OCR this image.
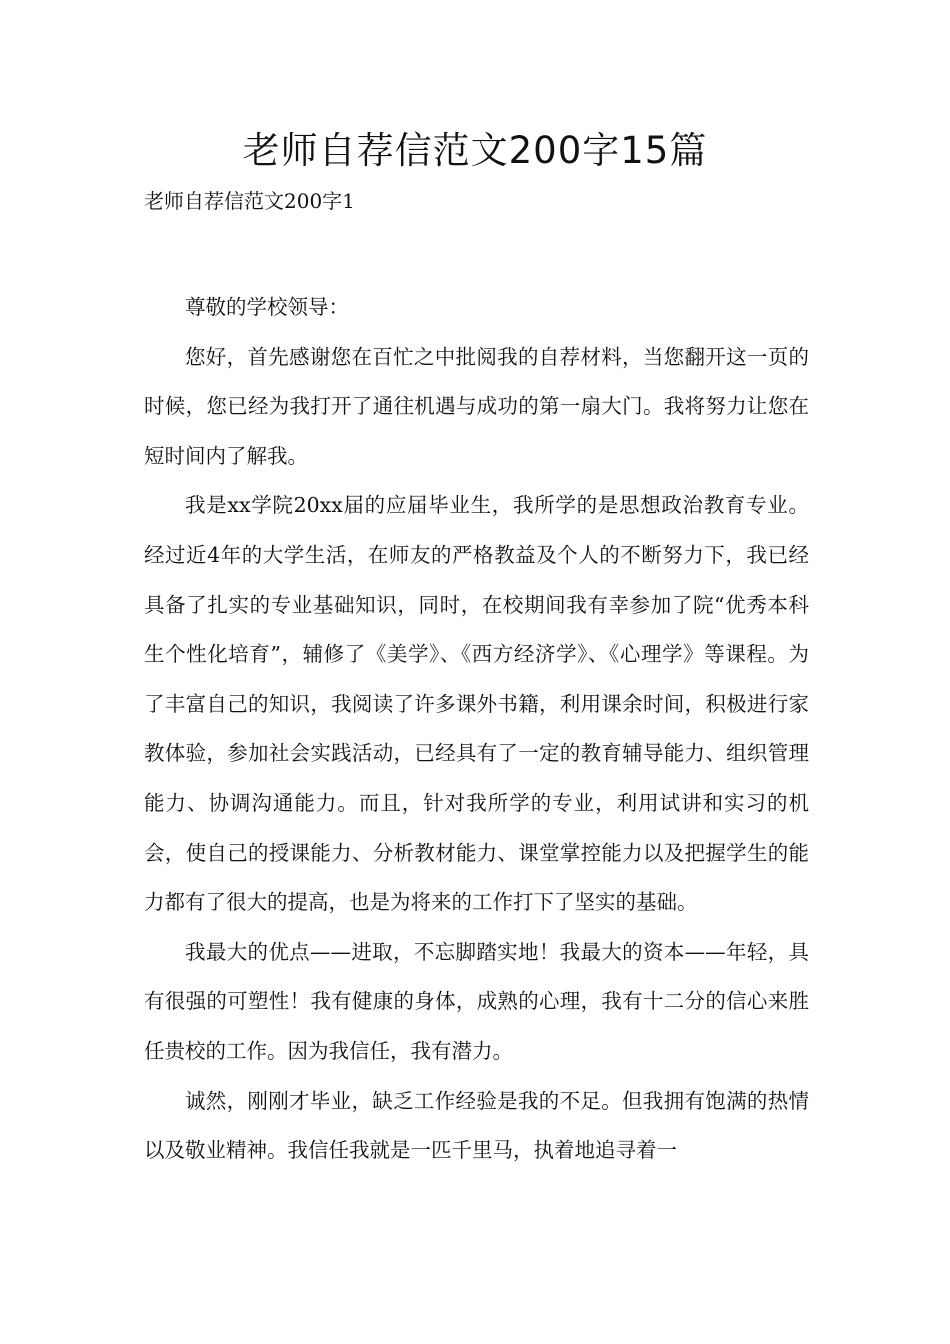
老师自荐信范文200字15篇
老师自荐信范文200字1

尊敬的学校领导：

您好，首先感谢您在百忙之中批阅我的自荐材料，当您翻开这一页的时候，您已经为我打开了通往机遇与成功的第一扇大门。我将努力让您在短时间内了解我。

我是xx学院20xx届的应届毕业生，我所学的是思想政治教育专业。经过近4年的大学生活，在师友的严格教益及个人的不断努力下，我已经具备了扎实的专业基础知识，同时，在校期间我有幸参加了院“优秀本科生个性化培育”，辅修了《美学》、《西方经济学》、《心理学》等课程。为了丰富自己的知识，我阅读了许多课外书籍，利用课余时间，积极进行家教体验，参加社会实践活动，已经具有了一定的教育辅导能力、组织管理能力、协调沟通能力。而且，针对我所学的专业，利用试讲和实习的机会，使自己的授课能力、分析教材能力、课堂掌控能力以及把握学生的能力都有了很大的提高，也是为将来的工作打下了坚实的基础。

我最大的优点——进取，不忘脚踏实地！我最大的资本——年轻，具有很强的可塑性！我有健康的身体，成熟的心理，我有十二分的信心来胜任贵校的工作。因为我信任，我有潜力。

诚然，刚刚才毕业，缺乏工作经验是我的不足。但我拥有饱满的热情以及敬业精神。我信任我就是一匹千里马，执着地追寻着一
